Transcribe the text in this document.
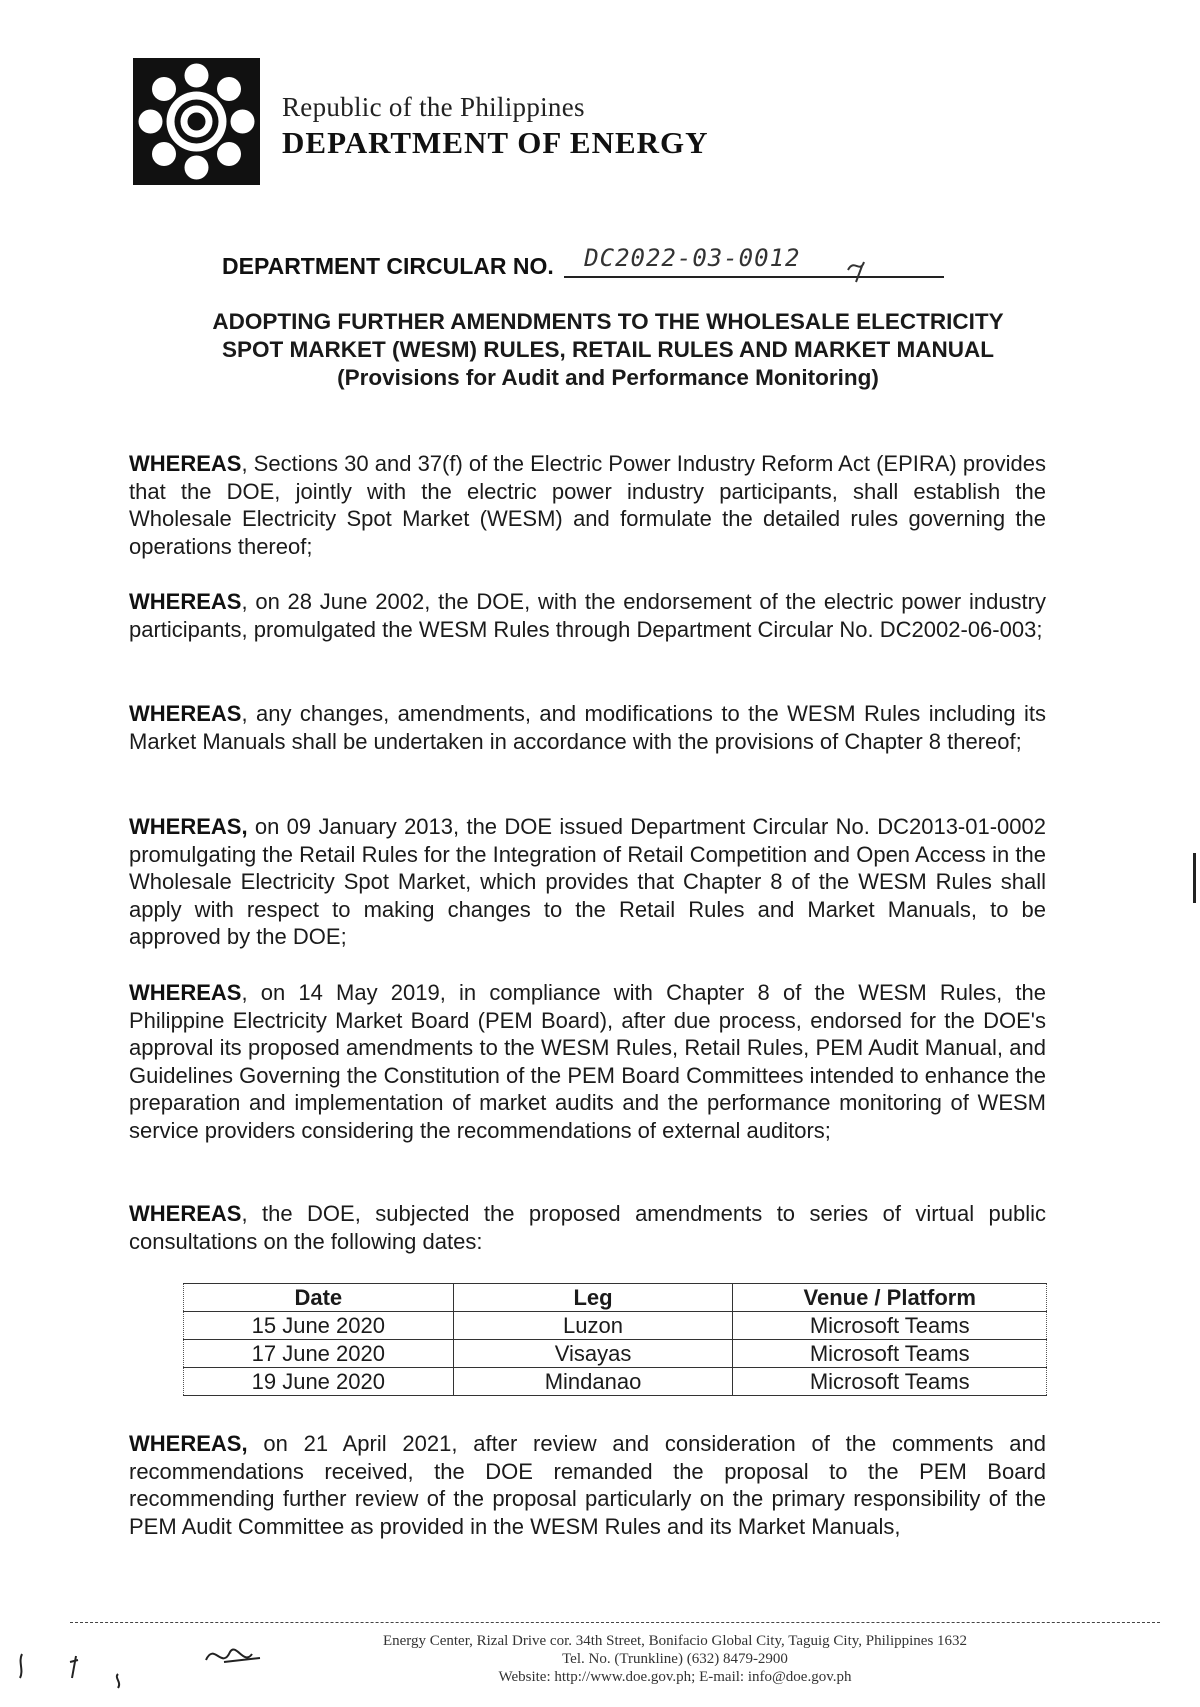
Republic of the Philippines
DEPARTMENT OF ENERGY
DEPARTMENT CIRCULAR NO. DC2022-03-0012
ADOPTING FURTHER AMENDMENTS TO THE WHOLESALE ELECTRICITY
SPOT MARKET (WESM) RULES, RETAIL RULES AND MARKET MANUAL
(Provisions for Audit and Performance Monitoring)

WHEREAS, Sections 30 and 37(f) of the Electric Power Industry Reform Act (EPIRA) provides that the DOE, jointly with the electric power industry participants, shall establish the Wholesale Electricity Spot Market (WESM) and formulate the detailed rules governing the operations thereof;

WHEREAS, on 28 June 2002, the DOE, with the endorsement of the electric power industry participants, promulgated the WESM Rules through Department Circular No. DC2002-06-003;

WHEREAS, any changes, amendments, and modifications to the WESM Rules including its Market Manuals shall be undertaken in accordance with the provisions of Chapter 8 thereof;

WHEREAS, on 09 January 2013, the DOE issued Department Circular No. DC2013-01-0002 promulgating the Retail Rules for the Integration of Retail Competition and Open Access in the Wholesale Electricity Spot Market, which provides that Chapter 8 of the WESM Rules shall apply with respect to making changes to the Retail Rules and Market Manuals, to be approved by the DOE;

WHEREAS, on 14 May 2019, in compliance with Chapter 8 of the WESM Rules, the Philippine Electricity Market Board (PEM Board), after due process, endorsed for the DOE's approval its proposed amendments to the WESM Rules, Retail Rules, PEM Audit Manual, and Guidelines Governing the Constitution of the PEM Board Committees intended to enhance the preparation and implementation of market audits and the performance monitoring of WESM service providers considering the recommendations of external auditors;

WHEREAS, the DOE, subjected the proposed amendments to series of virtual public consultations on the following dates:

WHEREAS, on 21 April 2021, after review and consideration of the comments and recommendations received, the DOE remanded the proposal to the PEM Board recommending further review of the proposal particularly on the primary responsibility of the PEM Audit Committee as provided in the WESM Rules and its Market Manuals,

Date	Leg	Venue / Platform
15 June 2020	Luzon	Microsoft Teams
17 June 2020	Visayas	Microsoft Teams
19 June 2020	Mindanao	Microsoft Teams
Energy Center, Rizal Drive cor. 34th Street, Bonifacio Global City, Taguig City, Philippines 1632
Tel. No. (Trunkline) (632) 8479-2900
Website: http://www.doe.gov.ph; E-mail: info@doe.gov.ph
